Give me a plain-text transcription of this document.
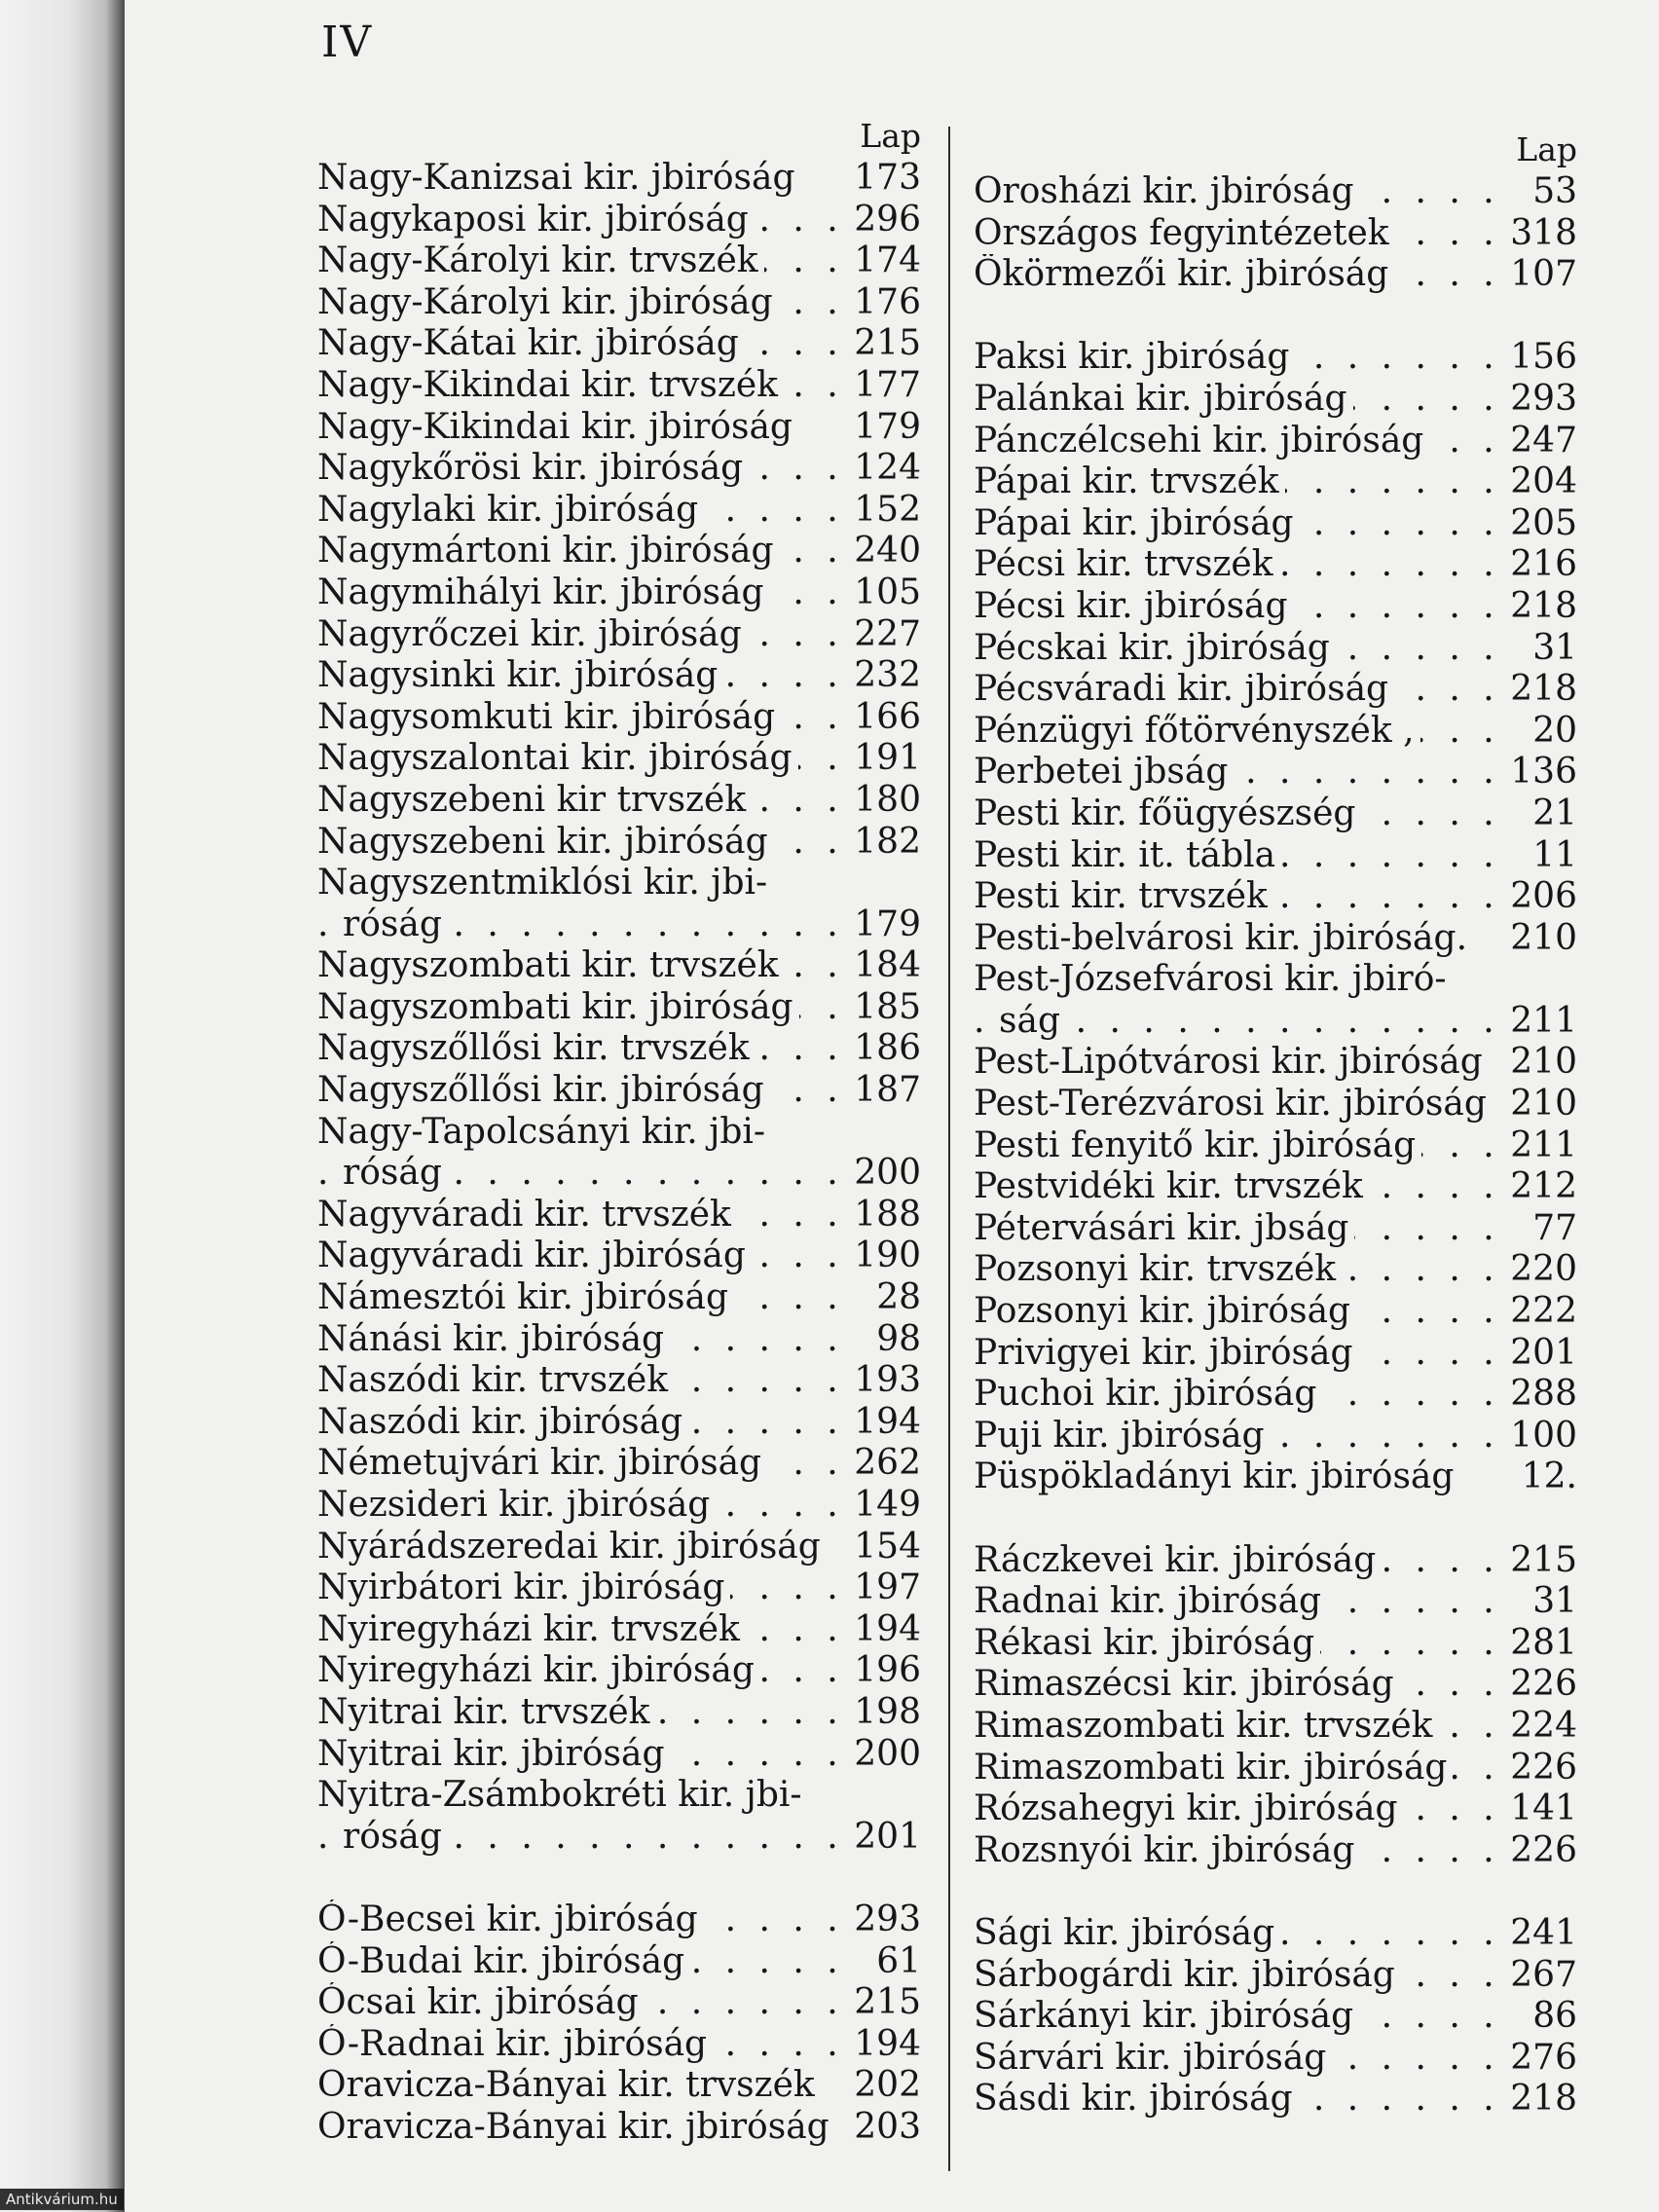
IV
Lap
Nagy-Kanizsai kir. jbiróság	173
Nagykaposi kir. jbiróság	296
. . .
Nagy-Károlyi kir. trvszék	174
. . .
Nagy-Károlyi kir. jbiróság	176
. . .
Nagy-Kátai kir. jbiróság	215
. . .
Nagy-Kikindai kir. trvszék	177
. . .
Nagy-Kikindai kir. jbiróság	179
Nagykőrösi kir. jbiróság	124
. . .
Nagylaki kir. jbiróság	152
. . .
Nagymártoni kir. jbiróság	240
. . .
Nagymihályi kir. jbiróság	105
. . .
Nagyrőczei kir. jbiróság	227
. . .
Nagysinki kir. jbiróság	232
. . .
Nagysomkuti kir. jbiróság	166
. . .
Nagyszalontai kir. jbiróság	191
. . .
Nagyszebeni kir trvszék	180
. . .
Nagyszebeni kir. jbiróság	182
. . .
Nagyszentmiklósi kir. jbi-
róság	179
. . .
Nagyszombati kir. trvszék	184
. . .
Nagyszombati kir. jbiróság	185
. . .
Nagyszőllősi kir. trvszék	186
. . .
Nagyszőllősi kir. jbiróság	187
. . .
Nagy-Tapolcsányi kir. jbi-
róság	200
. . .
Nagyváradi kir. trvszék	188
. . .
Nagyváradi kir. jbiróság	190
. . .
Námesztói kir. jbiróság	28
. . .
Nánási kir. jbiróság	98
. . .
Naszódi kir. trvszék	193
. . .
Naszódi kir. jbiróság	194
. . .
Németujvári kir. jbiróság	262
. . .
Nezsideri kir. jbiróság	149
. . .
Nyárádszeredai kir. jbiróság 154
Nyirbátori kir. jbiróság	197
. . .
Nyiregyházi kir. trvszék	194
. . .
Nyiregyházi kir. jbiróság	196
. . .
Nyitrai kir. trvszék	198
. . .
Nyitrai kir. jbiróság	200
. . .
Nyitra-Zsámbokréti kir. jbi-
róság	201
. . .
Ó-Becsei kir. jbiróság	293
. . .
Ó-Budai kir. jbiróság	61
. . .
Ócsai kir. jbiróság	215
. . .
Ó-Radnai kir. jbiróság	194
. . .
Oravicza-Bányai kir. trvszék	202
Oravicza-Bányai kir. jbiróság 203
Lap
Orosházi kir. jbiróság	53
. . .
Országos fegyintézetek	318
. . .
Ökörmezői kir. jbiróság	107
. . .
Paksi kir. jbiróság	156
. . .
Palánkai kir. jbiróság	293
. . .
Pánczélcsehi kir. jbiróság	247
. . .
Pápai kir. trvszék	204
. . .
Pápai kir. jbiróság	205
. . .
Pécsi kir. trvszék	216
. . .
Pécsi kir. jbiróság	218
. . .
Pécskai kir. jbiróság	31
. . .
Pécsváradi kir. jbiróság	218
. . .
Pénzügyi főtörvényszék ,	20
. . .
Perbetei jbság	136
. . .
Pesti kir. főügyészség	21
. . .
Pesti kir. it. tábla	11
. . .
Pesti kir. trvszék	206
. . .
Pesti-belvárosi kir. jbiróság.	210
Pest-Józsefvárosi kir. jbiró-
ság	211
. . .
Pest-Lipótvárosi kir. jbiróság 210
Pest-Terézvárosi kir. jbiróság 210
Pesti fenyitő kir. jbiróság	211
. . .
Pestvidéki kir. trvszék	212
. . .
Pétervásári kir. jbság	77
. . .
Pozsonyi kir. trvszék	220
. . .
Pozsonyi kir. jbiróság	222
. . .
Privigyei kir. jbiróság	201
. . .
Puchoi kir. jbiróság	288
. . .
Puji kir. jbiróság	100
. . .
Püspökladányi kir. jbiróság	12.
Ráczkevei kir. jbiróság	215
. . .
Radnai kir. jbiróság	31
. . .
Rékasi kir. jbiróság	281
. . .
Rimaszécsi kir. jbiróság	226
. . .
Rimaszombati kir. trvszék	224
. . .
Rimaszombati kir. jbiróság	226
. . .
Rózsahegyi kir. jbiróság	141
. . .
Rozsnyói kir. jbiróság	226
. . .
Sági kir. jbiróság	241
. . .
Sárbogárdi kir. jbiróság	267
. . .
Sárkányi kir. jbiróság	86
. . .
Sárvári kir. jbiróság	276
. . .
Sásdi kir. jbiróság	218
. . .
Antikvárium.hu
